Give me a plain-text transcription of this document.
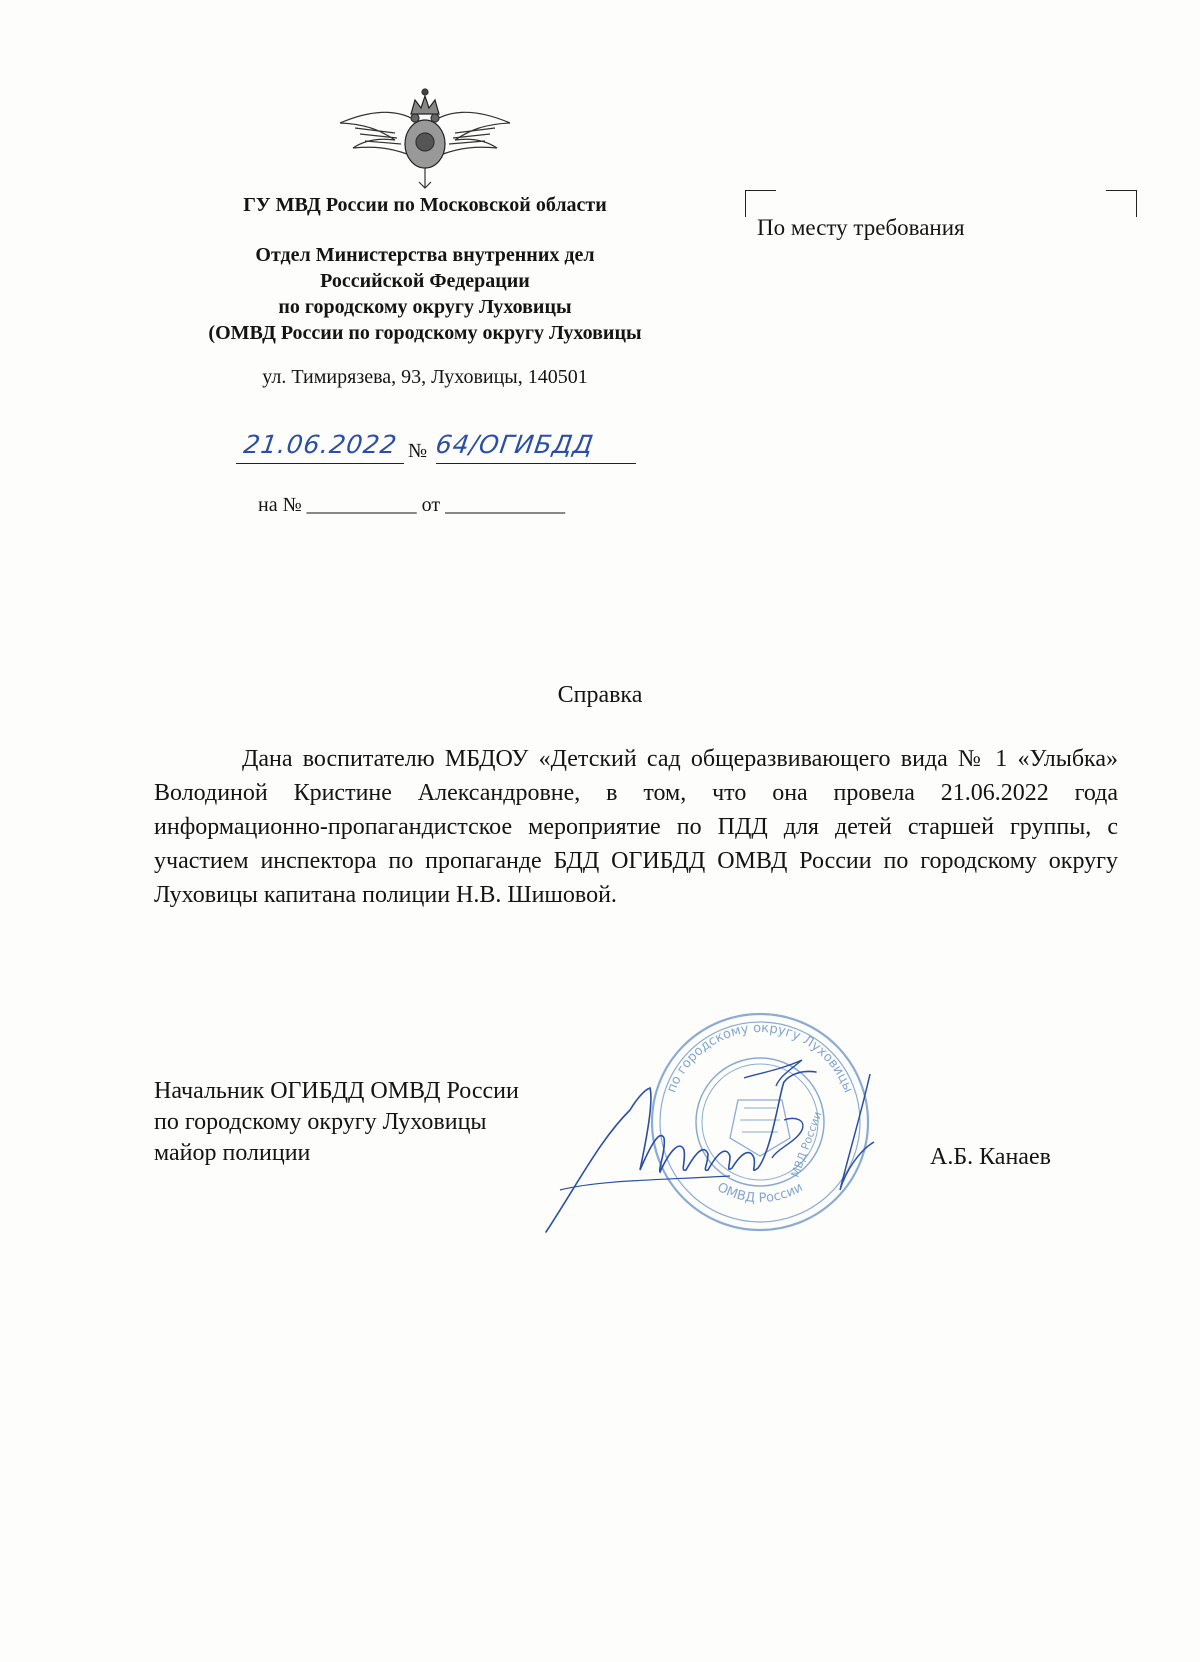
ГУ МВД России по Московской области
Отдел Министерства внутренних дел
Российской Федерации
по городскому округу Луховицы
(ОМВД России по городскому округу Луховицы
ул. Тимирязева, 93, Луховицы, 140501
21.06.2022 № 64/ОГИБДД
на № ___________ от ____________
По месту требования
Справка
Дана воспитателю МБДОУ «Детский сад общеразвивающего вида № 1 «Улыбка» Володиной Кристине Александровне, в том, что она провела 21.06.2022 года информационно-пропагандистское мероприятие по ПДД для детей старшей группы, с участием инспектора по пропаганде БДД ОГИБДД ОМВД России по городскому округу Луховицы капитана полиции Н.В. Шишовой.
по городскому округу Луховицы
ОМВД России
МВД России
Начальник ОГИБДД ОМВД России
по городскому округу Луховицы
майор полиции	А.Б. Канаев
